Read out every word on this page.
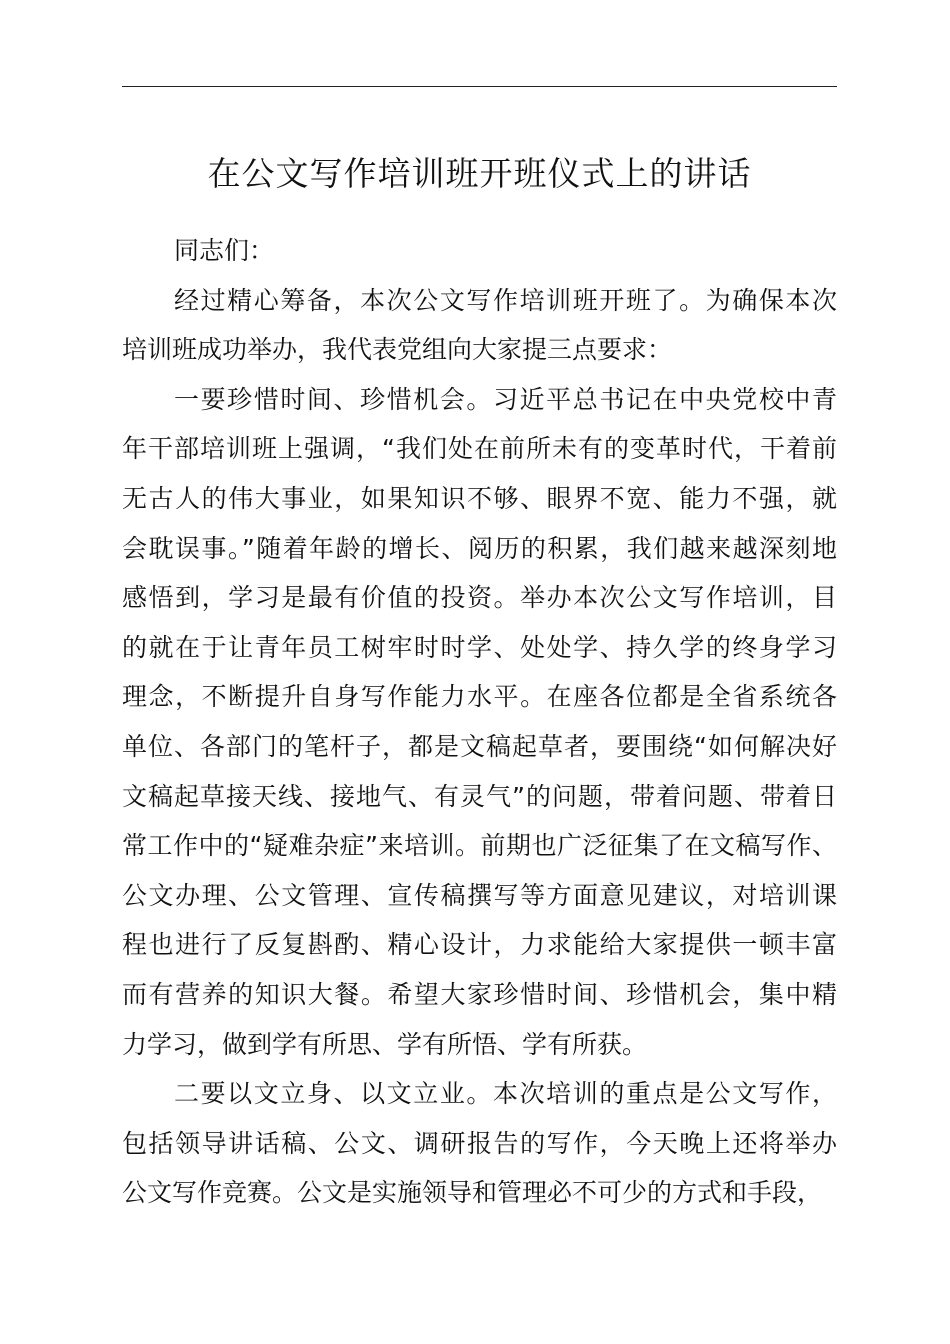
在公文写作培训班开班仪式上的讲话
同志们：
经过精心筹备，本次公文写作培训班开班了。为确保本次
培训班成功举办，我代表党组向大家提三点要求：
一要珍惜时间、珍惜机会。习近平总书记在中央党校中青
年干部培训班上强调，“我们处在前所未有的变革时代，干着前
无古人的伟大事业，如果知识不够、眼界不宽、能力不强，就
会耽误事。”随着年龄的增长、阅历的积累，我们越来越深刻地
感悟到，学习是最有价值的投资。举办本次公文写作培训，目
的就在于让青年员工树牢时时学、处处学、持久学的终身学习
理念，不断提升自身写作能力水平。在座各位都是全省系统各
单位、各部门的笔杆子，都是文稿起草者，要围绕“如何解决好
文稿起草接天线、接地气、有灵气”的问题，带着问题、带着日
常工作中的“疑难杂症”来培训。前期也广泛征集了在文稿写作、
公文办理、公文管理、宣传稿撰写等方面意见建议，对培训课
程也进行了反复斟酌、精心设计，力求能给大家提供一顿丰富
而有营养的知识大餐。希望大家珍惜时间、珍惜机会，集中精
力学习，做到学有所思、学有所悟、学有所获。
二要以文立身、以文立业。本次培训的重点是公文写作，
包括领导讲话稿、公文、调研报告的写作，今天晚上还将举办
公文写作竞赛。公文是实施领导和管理必不可少的方式和手段，
